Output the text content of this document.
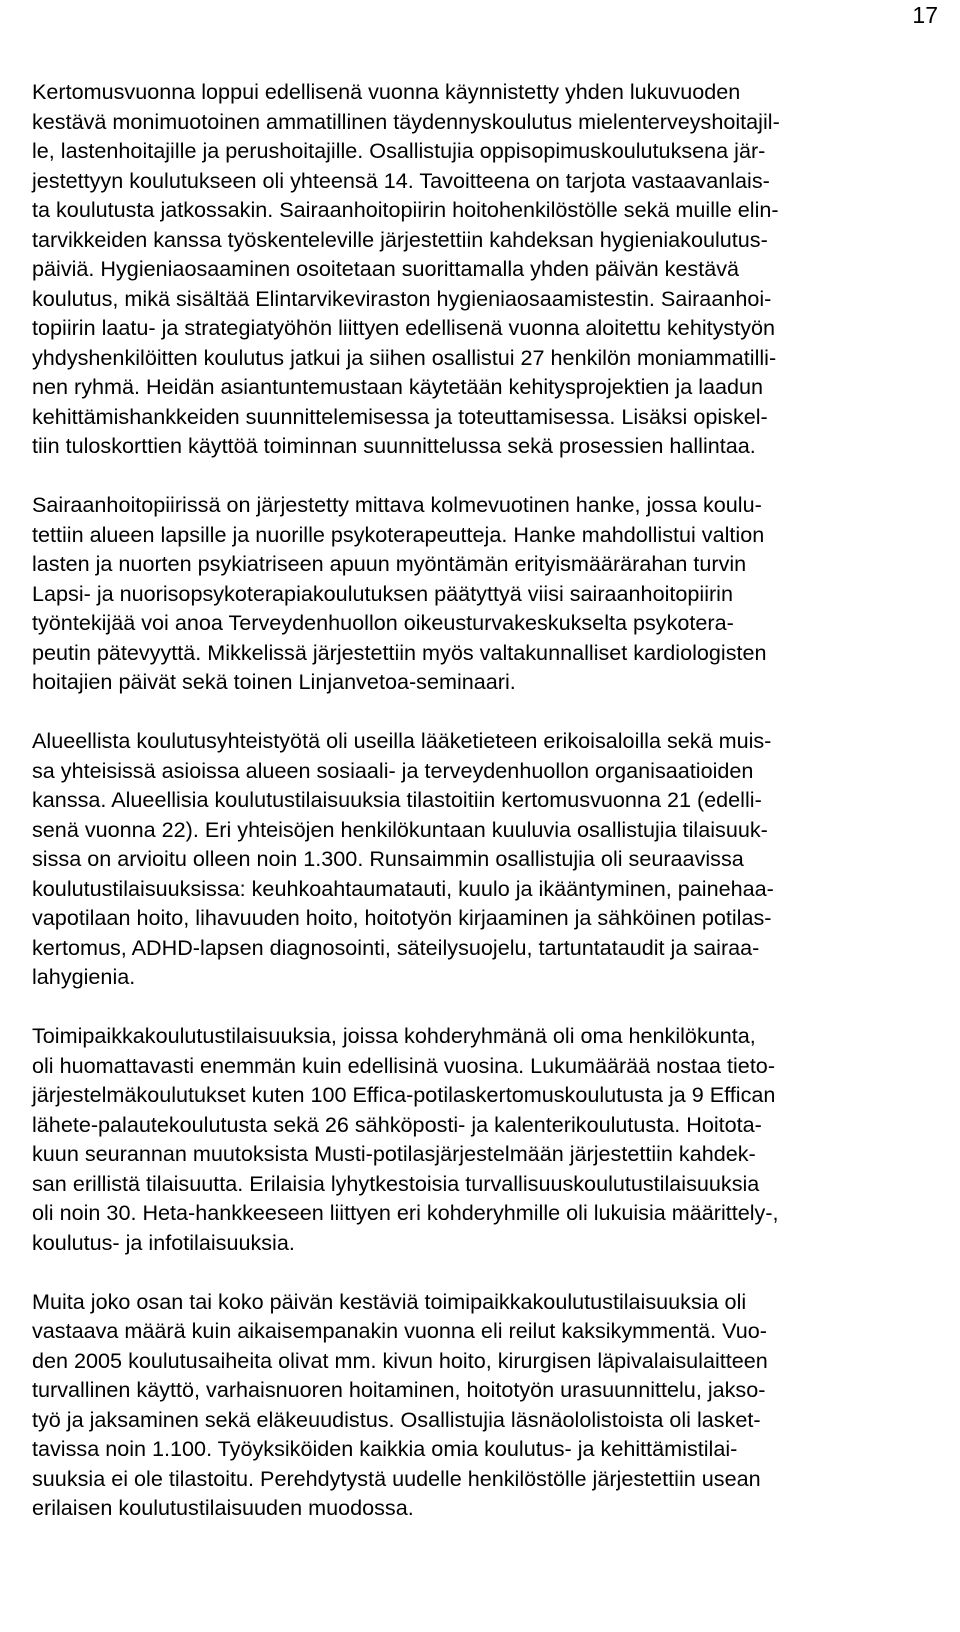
17

Kertomusvuonna loppui edellisenä vuonna käynnistetty yhden lukuvuoden
kestävä monimuotoinen ammatillinen täydennyskoulutus mielenterveyshoitajil-
le, lastenhoitajille ja perushoitajille. Osallistujia oppisopimuskoulutuksena jär-
jestettyyn koulutukseen oli yhteensä 14. Tavoitteena on tarjota vastaavanlais-
ta koulutusta jatkossakin. Sairaanhoitopiirin hoitohenkilöstölle sekä muille elin-
tarvikkeiden kanssa työskenteleville järjestettiin kahdeksan hygieniakoulutus-
päiviä. Hygieniaosaaminen osoitetaan suorittamalla yhden päivän kestävä
koulutus, mikä sisältää Elintarvikeviraston hygieniaosaamistestin. Sairaanhoi-
topiirin laatu- ja strategiatyöhön liittyen edellisenä vuonna aloitettu kehitystyön
yhdyshenkilöitten koulutus jatkui ja siihen osallistui 27 henkilön moniammatilli-
nen ryhmä. Heidän asiantuntemustaan käytetään kehitysprojektien ja laadun
kehittämishankkeiden suunnittelemisessa ja toteuttamisessa. Lisäksi opiskel-
tiin tuloskorttien käyttöä toiminnan suunnittelussa sekä prosessien hallintaa.

Sairaanhoitopiirissä on järjestetty mittava kolmevuotinen hanke, jossa koulu-
tettiin alueen lapsille ja nuorille psykoterapeutteja. Hanke mahdollistui valtion
lasten ja nuorten psykiatriseen apuun myöntämän erityismäärärahan turvin
Lapsi- ja nuorisopsykoterapiakoulutuksen päätyttyä viisi sairaanhoitopiirin
työntekijää voi anoa Terveydenhuollon oikeusturvakeskukselta psykotera-
peutin pätevyyttä. Mikkelissä järjestettiin myös valtakunnalliset kardiologisten
hoitajien päivät sekä toinen Linjanvetoa-seminaari.

Alueellista koulutusyhteistyötä oli useilla lääketieteen erikoisaloilla sekä muis-
sa yhteisissä asioissa alueen sosiaali- ja terveydenhuollon organisaatioiden
kanssa. Alueellisia koulutustilaisuuksia tilastoitiin kertomusvuonna 21 (edelli-
senä vuonna 22). Eri yhteisöjen henkilökuntaan kuuluvia osallistujia tilaisuuk-
sissa on arvioitu olleen noin 1.300. Runsaimmin osallistujia oli seuraavissa
koulutustilaisuuksissa: keuhkoahtaumatauti, kuulo ja ikääntyminen, painehaa-
vapotilaan hoito, lihavuuden hoito, hoitotyön kirjaaminen ja sähköinen potilas-
kertomus, ADHD-lapsen diagnosointi, säteilysuojelu, tartuntataudit ja sairaa-
lahygienia.

Toimipaikkakoulutustilaisuuksia, joissa kohderyhmänä oli oma henkilökunta,
oli huomattavasti enemmän kuin edellisinä vuosina. Lukumäärää nostaa tieto-
järjestelmäkoulutukset kuten 100 Effica-potilaskertomuskoulutusta ja 9 Effican
lähete-palautekoulutusta sekä 26 sähköposti- ja kalenterikoulutusta. Hoitota-
kuun seurannan muutoksista Musti-potilasjärjestelmään järjestettiin kahdek-
san erillistä tilaisuutta. Erilaisia lyhytkestoisia turvallisuuskoulutustilaisuuksia
oli noin 30. Heta-hankkeeseen liittyen eri kohderyhmille oli lukuisia määrittely-,
koulutus- ja infotilaisuuksia.

Muita joko osan tai koko päivän kestäviä toimipaikkakoulutustilaisuuksia oli
vastaava määrä kuin aikaisempanakin vuonna eli reilut kaksikymmentä. Vuo-
den 2005 koulutusaiheita olivat mm. kivun hoito, kirurgisen läpivalaisulaitteen
turvallinen käyttö, varhaisnuoren hoitaminen, hoitotyön urasuunnittelu, jakso-
työ ja jaksaminen sekä eläkeuudistus. Osallistujia läsnäololistoista oli lasket-
tavissa noin 1.100. Työyksiköiden kaikkia omia koulutus- ja kehittämistilai-
suuksia ei ole tilastoitu. Perehdytystä uudelle henkilöstölle järjestettiin usean
erilaisen koulutustilaisuuden muodossa.
